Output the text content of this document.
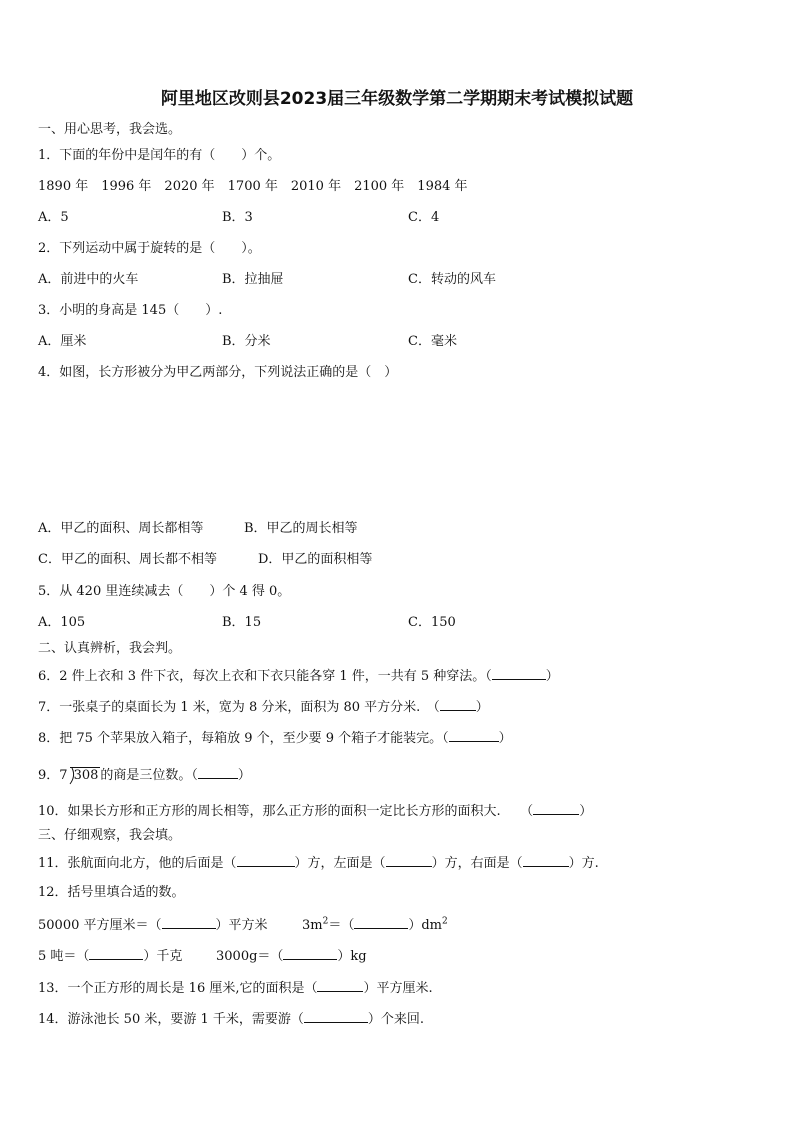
阿里地区改则县2023届三年级数学第二学期期末考试模拟试题
一、用心思考，我会选。
1．下面的年份中是闰年的有（　　）个。
1890 年　1996 年　2020 年　1700 年　2010 年　2100 年　1984 年
A．5	B．3	C．4
2．下列运动中属于旋转的是（　　）。
A．前进中的火车	B．拉抽屉	C．转动的风车
3．小明的身高是 145（　　）.
A．厘米	B．分米	C．毫米
4．如图，长方形被分为甲乙两部分，下列说法正确的是（　）
A．甲乙的面积、周长都相等	B．甲乙的周长相等
C．甲乙的面积、周长都不相等	D．甲乙的面积相等
5．从 420 里连续减去（　　）个 4 得 0。
A．105	B．15	C．150
二、认真辨析，我会判。
6．2 件上衣和 3 件下衣，每次上衣和下衣只能各穿 1 件，一共有 5 种穿法。（	）
7．一张桌子的桌面长为 1 米，宽为 8 分米，面积为 80 平方分米.　（	）
8．把 75 个苹果放入箱子，每箱放 9 个，至少要 9 个箱子才能装完。（	）
9．7 308 的商是三位数。（	）
10．如果长方形和正方形的周长相等，那么正方形的面积一定比长方形的面积大.　　（	）
三、仔细观察，我会填。
11．张航面向北方，他的后面是（	）方，左面是（	）方，右面是（	）方.
12．括号里填合适的数。
50000 平方厘米＝（	）平方米	$3m^2=$（	）$dm^2$
5 吨＝（	）千克	3000g＝（	）kg
13．一个正方形的周长是 16 厘米,它的面积是（	）平方厘米.
14．游泳池长 50 米，要游 1 千米，需要游（	）个来回.
